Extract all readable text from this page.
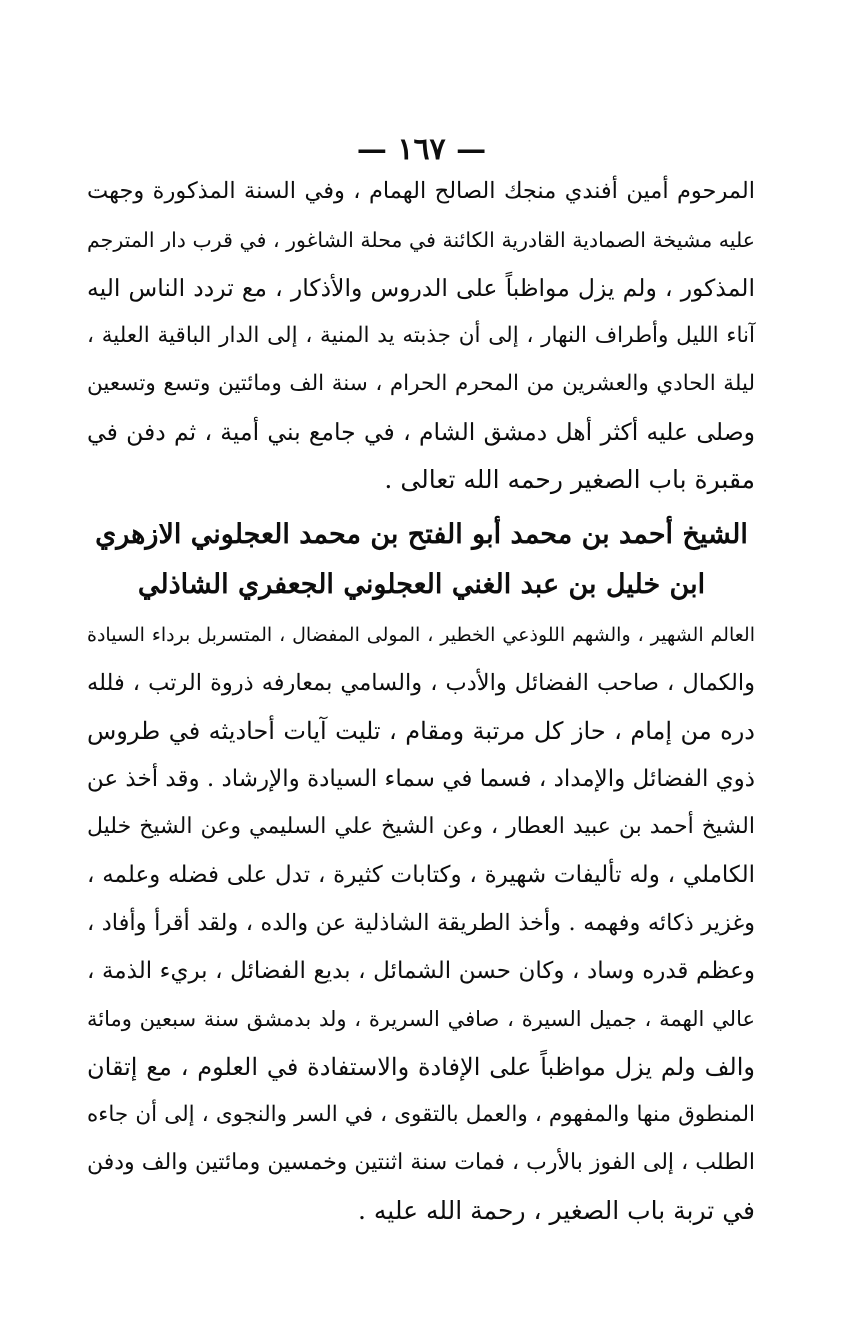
— ١٦٧ —
المرحوم أمين أفندي منجك الصالح الهمام ، وفي السنة المذكورة وجهت
عليه مشيخة الصمادية القادرية الكائنة في محلة الشاغور ، في قرب دار المترجم
المذكور ، ولم يزل مواظباً على الدروس والأذكار ، مع تردد الناس اليه
آناء الليل وأطراف النهار ، إلى أن جذبته يد المنية ، إلى الدار الباقية العلية ،
ليلة الحادي والعشرين من المحرم الحرام ، سنة الف ومائتين وتسع وتسعين
وصلى عليه أكثر أهل دمشق الشام ، في جامع بني أمية ، ثم دفن في
مقبرة باب الصغير رحمه الله تعالى .
الشيخ أحمد بن محمد أبو الفتح بن محمد العجلوني الازهري
ابن خليل بن عبد الغني العجلوني الجعفري الشاذلي
العالم الشهير ، والشهم اللوذعي الخطير ، المولى المفضال ، المتسربل برداء السيادة
والكمال ، صاحب الفضائل والأدب ، والسامي بمعارفه ذروة الرتب ، فلله
دره من إمام ، حاز كل مرتبة ومقام ، تليت آيات أحاديثه في طروس
ذوي الفضائل والإمداد ، فسما في سماء السيادة والإرشاد . وقد أخذ عن
الشيخ أحمد بن عبيد العطار ، وعن الشيخ علي السليمي وعن الشيخ خليل
الكاملي ، وله تأليفات شهيرة ، وكتابات كثيرة ، تدل على فضله وعلمه ،
وغزير ذكائه وفهمه . وأخذ الطريقة الشاذلية عن والده ، ولقد أقرأ وأفاد ،
وعظم قدره وساد ، وكان حسن الشمائل ، بديع الفضائل ، بريء الذمة ،
عالي الهمة ، جميل السيرة ، صافي السريرة ، ولد بدمشق سنة سبعين ومائة
والف ولم يزل مواظباً على الإفادة والاستفادة في العلوم ، مع إتقان
المنطوق منها والمفهوم ، والعمل بالتقوى ، في السر والنجوى ، إلى أن جاءه
الطلب ، إلى الفوز بالأرب ، فمات سنة اثنتين وخمسين ومائتين والف ودفن
في تربة باب الصغير ، رحمة الله عليه .
